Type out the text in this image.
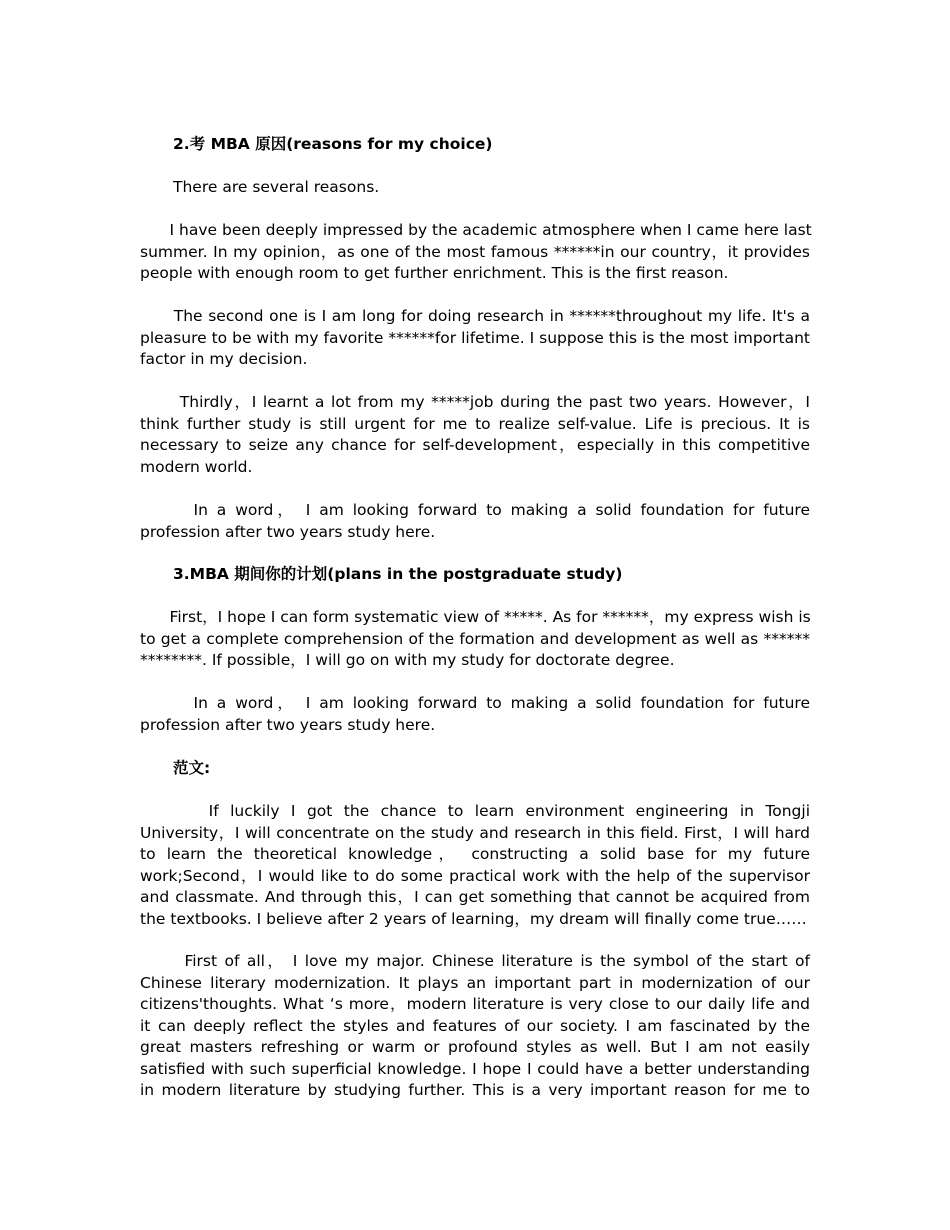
2.考 MBA 原因(reasons for my choice)
There are several reasons.
I have been deeply impressed by the academic atmosphere when I came here last
summer. In my opinion，as one of the most famous ******in our country，it provides
people with enough room to get further enrichment. This is the first reason.
The second one is I am long for doing research in ******throughout my life. It's a
pleasure to be with my favorite ******for lifetime. I suppose this is the most important
factor in my decision.
Thirdly，I learnt a lot from my *****job during the past two years. However，I
think further study is still urgent for me to realize self-value. Life is precious. It is
necessary to seize any chance for self-development，especially in this competitive
modern world.
In a word， I am looking forward to making a solid foundation for future
profession after two years study here.
3.MBA 期间你的计划(plans in the postgraduate study)
First，I hope I can form systematic view of *****. As for ******，my express wish is
to get a complete comprehension of the formation and development as well as ******
********. If possible，I will go on with my study for doctorate degree.
In a word， I am looking forward to making a solid foundation for future
profession after two years study here.
范文:
If luckily I got the chance to learn environment engineering in Tongji
University，I will concentrate on the study and research in this field. First，I will hard
to learn the theoretical knowledge， constructing a solid base for my future
work;Second，I would like to do some practical work with the help of the supervisor
and classmate. And through this，I can get something that cannot be acquired from
the textbooks. I believe after 2 years of learning，my dream will finally come true……
First of all， I love my major. Chinese literature is the symbol of the start of
Chinese literary modernization. It plays an important part in modernization of our
citizens'thoughts. What ‘s more，modern literature is very close to our daily life and
it can deeply reflect the styles and features of our society. I am fascinated by the
great masters refreshing or warm or profound styles as well. But I am not easily
satisfied with such superficial knowledge. I hope I could have a better understanding
in modern literature by studying further. This is a very important reason for me to
